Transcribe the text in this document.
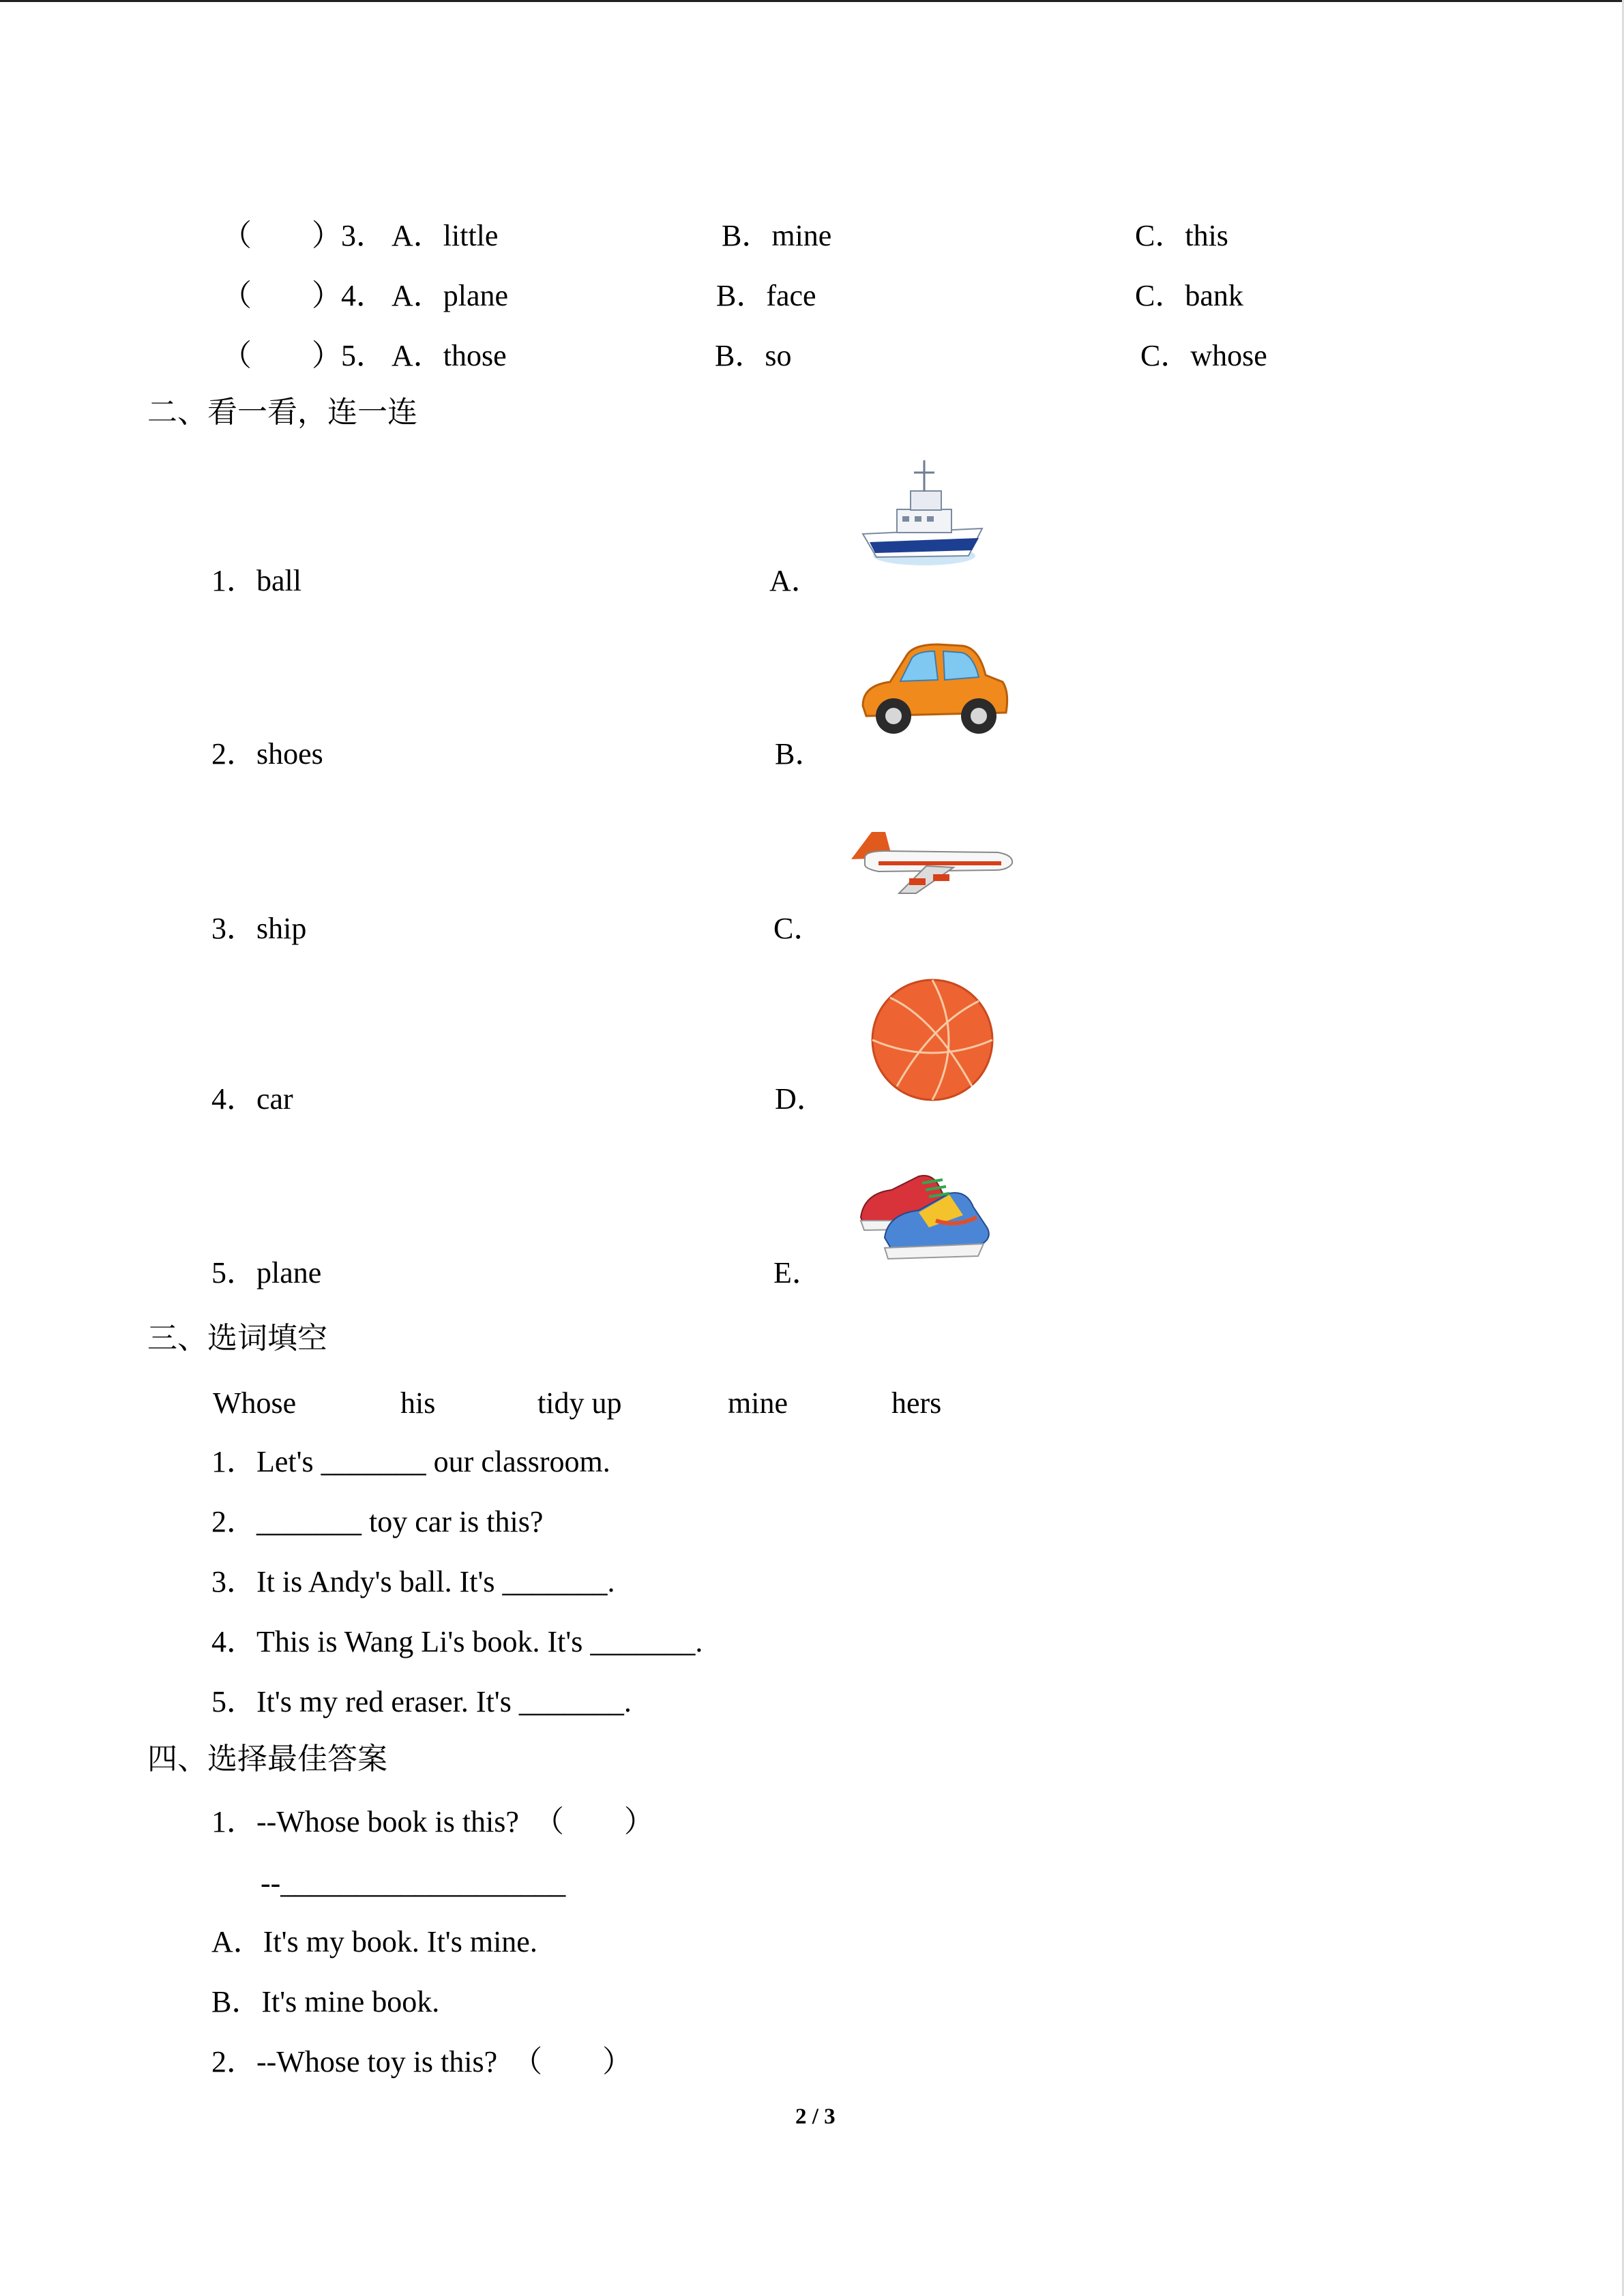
（　　） 3． A．little	B．mine	C．this
（　　） 4． A．plane	B．face	C．bank
（　　） 5． A．those	B．so	C．whose
二、看一看，连一连
1．ball	A．
2．shoes	B．
3．ship	C．
4．car	D．
5．plane	E．
三、选词填空
Whose	his	tidy up	mine	hers
1．Let's _______ our classroom.
2．_______ toy car is this?
3．It is Andy's ball. It's _______.
4．This is Wang Li's book. It's _______.
5．It's my red eraser. It's _______.
四、选择最佳答案
1．--Whose book is this?  （　　）
--___________________
A．It's my book. It's mine.
B．It's mine book.
2．--Whose toy is this?  （　　）
2 / 3
